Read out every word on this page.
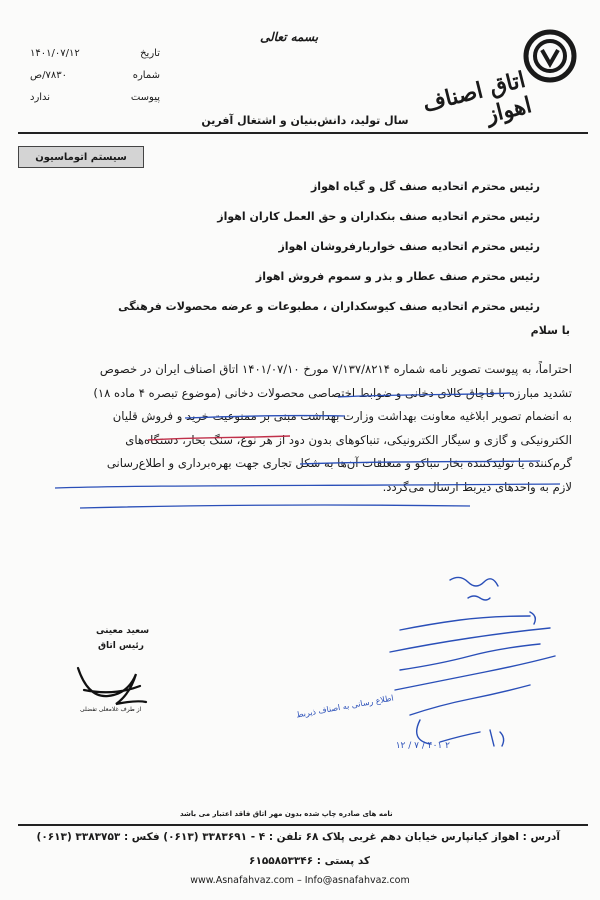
اتاق اصناف اهواز
بسمه تعالی
تاریخ
۱۴۰۱/۰۷/۱۲
شماره
۷۸۳۰/ص
پیوست
ندارد
سال تولید، دانش‌بنیان و اشتغال آفرین
سیستم اتوماسیون
رئیس محترم اتحادیه صنف گل و گیاه اهواز
رئیس محترم اتحادیه صنف بنکداران و حق العمل کاران اهواز
رئیس محترم اتحادیه صنف خواربارفروشان اهواز
رئیس محترم صنف عطار و بذر و سموم فروش اهواز
رئیس محترم اتحادیه صنف کیوسکداران ، مطبوعات و عرضه محصولات فرهنگی
با سلام
احتراماً، به پیوست تصویر نامه شماره ۷/۱۳۷/۸۲۱۴ مورخ ۱۴۰۱/۰۷/۱۰ اتاق اصناف ایران در خصوص
تشدید مبارزه با قاچاق کالای دخانی و ضوابط اختصاصی محصولات دخانی (موضوع تبصره ۴ ماده ۱۸)
به انضمام تصویر ابلاغیه معاونت بهداشت وزارت بهداشت مبنی بر ممنوعیت خرید و فروش قلیان
الکترونیکی و گازی و سیگار الکترونیکی، تنباکوهای بدون دود از هر نوع، سنگ بخار، دستگاه‌های
گرم‌کننده یا تولیدکننده بخار تنباکو و متعلقات آن‌ها به شکل تجاری جهت بهره‌برداری و اطلاع‌رسانی
لازم به واحدهای ذیربط ارسال می‌گردد.
۲ ۴۰۱ / ۷ / ۱۲
اطلاع رسانی به اصناف ذیربط
سعید معینی
رئیس اتاق
از طرف غلامعلی تفضلی
نامه های صادره چاپ شده بدون مهر اتاق فاقد اعتبار می باشد
آدرس : اهواز کیانپارس خیابان دهم غربی پلاک ۶۸ تلفن : ۴ - ۳۳۸۳۶۹۱ (۰۶۱۳) فکس : ۳۳۸۳۷۵۳ (۰۶۱۳)
کد پستی : ۶۱۵۵۸۵۳۳۴۶
www.Asnafahvaz.com – Info@asnafahvaz.com
